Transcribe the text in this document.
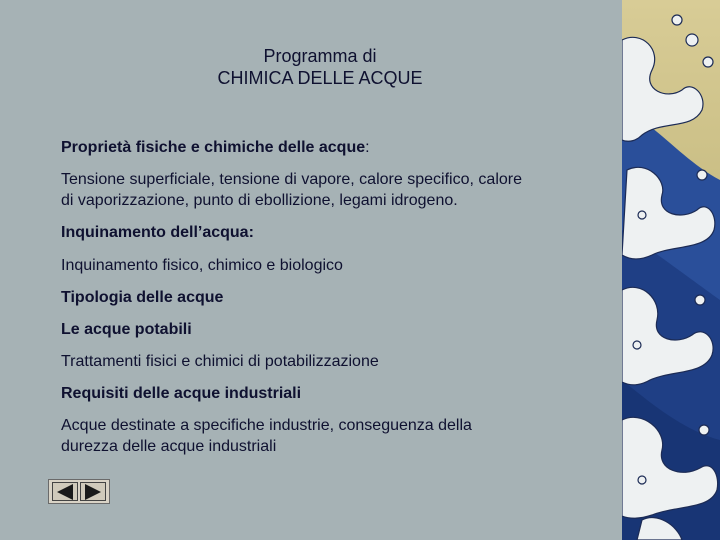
Programma di
CHIMICA DELLE ACQUE

Proprietà fisiche e chimiche delle acque:

Tensione superficiale, tensione di vapore, calore specifico, calore di vaporizzazione, punto di ebollizione, legami idrogeno.

Inquinamento dell’acqua:

Inquinamento fisico, chimico e biologico

Tipologia delle acque

Le acque potabili

Trattamenti fisici e chimici di potabilizzazione

Requisiti delle acque industriali

Acque destinate a specifiche industrie, conseguenza della durezza delle acque industriali
